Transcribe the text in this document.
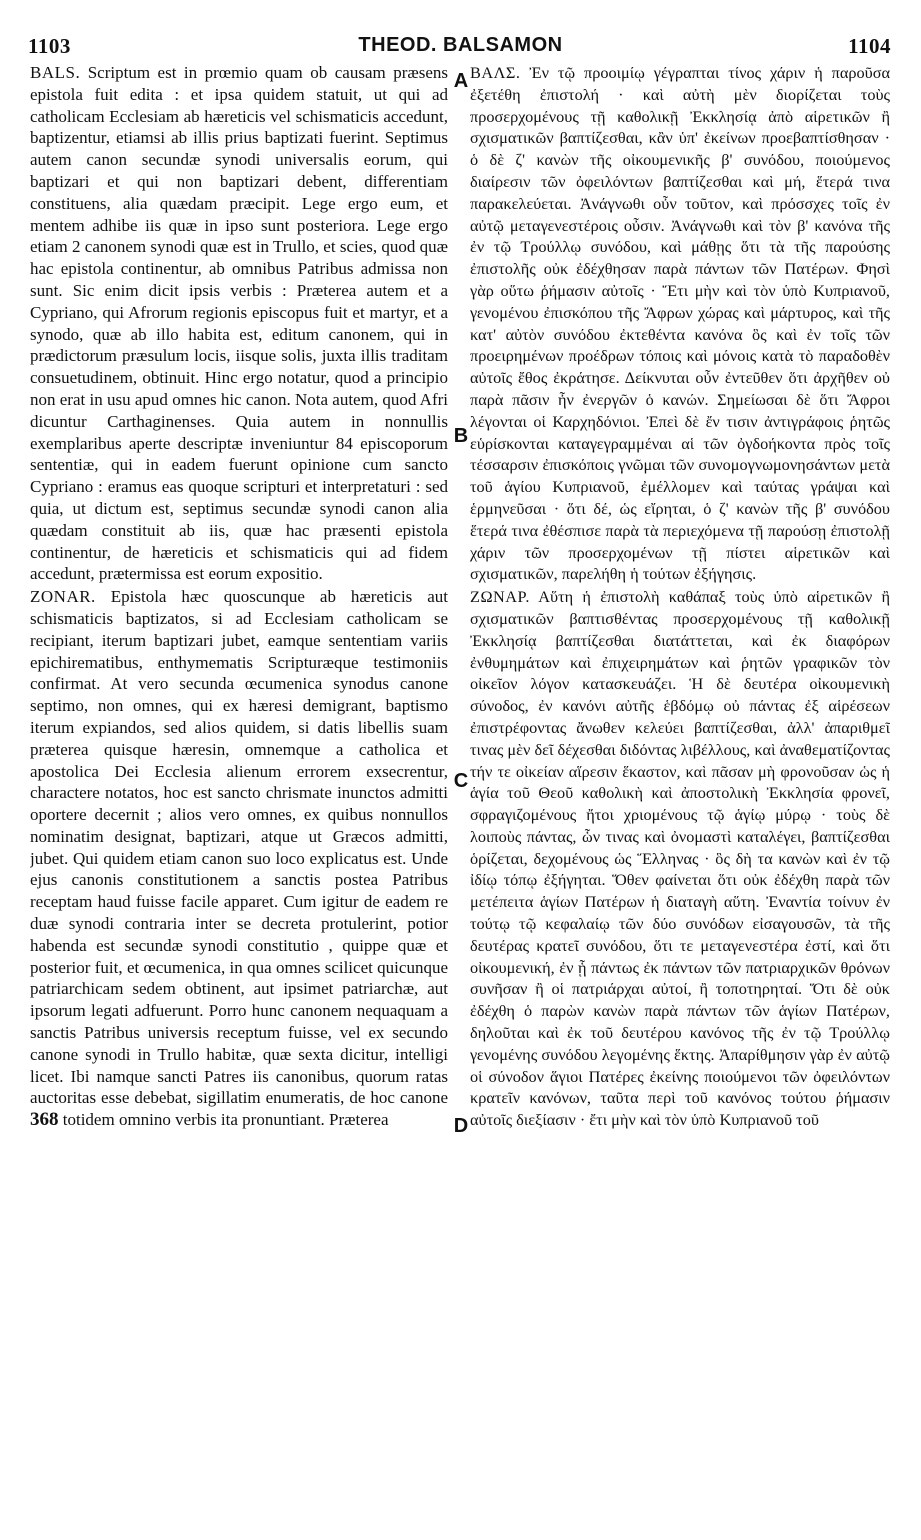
1103	THEOD. BALSAMON	1104

BALS. Scriptum est in prœmio quam ob causam præsens epistola fuit edita : et ipsa quidem statuit, ut qui ad catholicam Ecclesiam ab hæreticis vel schismaticis accedunt, baptizentur, etiamsi ab illis prius baptizati fuerint. Septimus autem canon secundæ synodi universalis eorum, qui baptizari et qui non baptizari debent, differentiam constituens, alia quædam præcipit. Lege ergo eum, et mentem adhibe iis quæ in ipso sunt posteriora. Lege ergo etiam 2 canonem synodi quæ est in Trullo, et scies, quod quæ hac epistola continentur, ab omnibus Patribus admissa non sunt. Sic enim dicit ipsis verbis : Præterea autem et a Cypriano, qui Afrorum regionis episcopus fuit et martyr, et a synodo, quæ ab illo habita est, editum canonem, qui in prædictorum præsulum locis, iisque solis, juxta illis traditam consuetudinem, obtinuit. Hinc ergo notatur, quod a principio non erat in usu apud omnes hic canon. Nota autem, quod Afri dicuntur Carthaginenses. Quia autem in nonnullis exemplaribus aperte descriptæ inveniuntur 84 episcoporum sententiæ, qui in eadem fuerunt opinione cum sancto Cypriano : eramus eas quoque scripturi et interpretaturi : sed quia, ut dictum est, septimus secundæ synodi canon alia quædam constituit ab iis, quæ hac præsenti epistola continentur, de hæreticis et schismaticis qui ad fidem accedunt, prætermissa est eorum expositio.

ZONAR. Epistola hæc quoscunque ab hæreticis aut schismaticis baptizatos, si ad Ecclesiam catholicam se recipiant, iterum baptizari jubet, eamque sententiam variis epichirematibus, enthymematis Scripturæque testimoniis confirmat. At vero secunda œcumenica synodus canone septimo, non omnes, qui ex hæresi demigrant, baptismo iterum expiandos, sed alios quidem, si datis libellis suam præterea quisque hæresin, omnemque a catholica et apostolica Dei Ecclesia alienum errorem exsecrentur, charactere notatos, hoc est sancto chrismate inunctos admitti oportere decernit ; alios vero omnes, ex quibus nonnullos nominatim designat, baptizari, atque ut Græcos admitti, jubet. Qui quidem etiam canon suo loco explicatus est. Unde ejus canonis constitutionem a sanctis postea Patribus receptam haud fuisse facile apparet. Cum igitur de eadem re duæ synodi contraria inter se decreta protulerint, potior habenda est secundæ synodi constitutio , quippe quæ et posterior fuit, et œcumenica, in qua omnes scilicet quicunque patriarchicam sedem obtinent, aut ipsimet patriarchæ, aut ipsorum legati adfuerunt. Porro hunc canonem nequaquam a sanctis Patribus universis receptum fuisse, vel ex secundo canone synodi in Trullo habitæ, quæ sexta dicitur, intelligi licet. Ibi namque sancti Patres iis canonibus, quorum ratas auctoritas esse debebat, sigillatim enumeratis, de hoc canone 368 totidem omnino verbis ita pronuntiant. Præterea

A
B
C
D

ΒΑΛΣ. Ἐν τῷ προοιμίῳ γέγραπται τίνος χάριν ἡ παροῦσα ἐξετέθη ἐπιστολή · καὶ αὐτὴ μὲν διορίζεται τοὺς προσερχομένους τῇ καθολικῇ Ἐκκλησίᾳ ἀπὸ αἱρετικῶν ἢ σχισματικῶν βαπτίζεσθαι, κἂν ὑπ' ἐκείνων προεβαπτίσθησαν · ὁ δὲ ζ' κανὼν τῆς οἰκουμενικῆς β' συνόδου, ποιούμενος διαίρεσιν τῶν ὀφειλόντων βαπτίζεσθαι καὶ μή, ἕτερά τινα παρακελεύεται. Ἀνάγνωθι οὖν τοῦτον, καὶ πρόσσχες τοῖς ἐν αὐτῷ μεταγενεστέροις οὖσιν. Ἀνάγνωθι καὶ τὸν β' κανόνα τῆς ἐν τῷ Τρούλλῳ συνόδου, καὶ μάθῃς ὅτι τὰ τῆς παρούσης ἐπιστολῆς οὐκ ἐδέχθησαν παρὰ πάντων τῶν Πατέρων. Φησὶ γὰρ οὕτω ῥήμασιν αὐτοῖς · Ἔτι μὴν καὶ τὸν ὑπὸ Κυπριανοῦ, γενομένου ἐπισκόπου τῆς Ἄφρων χώρας καὶ μάρτυρος, καὶ τῆς κατ' αὐτὸν συνόδου ἐκτεθέντα κανόνα ὃς καὶ ἐν τοῖς τῶν προειρημένων προέδρων τόποις καὶ μόνοις κατὰ τὸ παραδοθὲν αὐτοῖς ἔθος ἐκράτησε. Δείκνυται οὖν ἐντεῦθεν ὅτι ἀρχῆθεν οὐ παρὰ πᾶσιν ἦν ἐνεργῶν ὁ κανών. Σημείωσαι δὲ ὅτι Ἄφροι λέγονται οἱ Καρχηδόνιοι. Ἐπεὶ δὲ ἔν τισιν ἀντιγράφοις ῥητῶς εὑρίσκονται καταγεγραμμέναι αἱ τῶν ὀγδοήκοντα πρὸς τοῖς τέσσαρσιν ἐπισκόποις γνῶμαι τῶν συνομογνωμονησάντων μετὰ τοῦ ἁγίου Κυπριανοῦ, ἐμέλλομεν καὶ ταύτας γράψαι καὶ ἑρμηνεῦσαι · ὅτι δέ, ὡς εἴρηται, ὁ ζ' κανὼν τῆς β' συνόδου ἕτερά τινα ἐθέσπισε παρὰ τὰ περιεχόμενα τῇ παρούσῃ ἐπιστολῇ χάριν τῶν προσερχομένων τῇ πίστει αἱρετικῶν καὶ σχισματικῶν, παρελήθη ἡ τούτων ἐξήγησις.

ΖΩΝΑΡ. Αὕτη ἡ ἐπιστολὴ καθάπαξ τοὺς ὑπὸ αἱρετικῶν ἢ σχισματικῶν βαπτισθέντας προσερχομένους τῇ καθολικῇ Ἐκκλησίᾳ βαπτίζεσθαι διατάττεται, καὶ ἐκ διαφόρων ἐνθυμημάτων καὶ ἐπιχειρημάτων καὶ ῥητῶν γραφικῶν τὸν οἰκεῖον λόγον κατασκευάζει. Ἡ δὲ δευτέρα οἰκουμενικὴ σύνοδος, ἐν κανόνι αὐτῆς ἑβδόμῳ οὐ πάντας ἐξ αἱρέσεων ἐπιστρέφοντας ἄνωθεν κελεύει βαπτίζεσθαι, ἀλλ' ἀπαριθμεῖ τινας μὲν δεῖ δέχεσθαι διδόντας λιβέλλους, καὶ ἀναθεματίζοντας τήν τε οἰκείαν αἵρεσιν ἕκαστον, καὶ πᾶσαν μὴ φρονοῦσαν ὡς ἡ ἁγία τοῦ Θεοῦ καθολικὴ καὶ ἀποστολικὴ Ἐκκλησία φρονεῖ, σφραγιζομένους ἤτοι χριομένους τῷ ἁγίῳ μύρῳ · τοὺς δὲ λοιποὺς πάντας, ὧν τινας καὶ ὀνομαστὶ καταλέγει, βαπτίζεσθαι ὁρίζεται, δεχομένους ὡς Ἕλληνας · ὃς δὴ τα κανὼν καὶ ἐν τῷ ἰδίῳ τόπῳ ἐξήγηται. Ὅθεν φαίνεται ὅτι οὐκ ἐδέχθη παρὰ τῶν μετέπειτα ἁγίων Πατέρων ἡ διαταγὴ αὕτη. Ἐναντία τοίνυν ἐν τούτῳ τῷ κεφαλαίῳ τῶν δύο συνόδων εἰσαγουσῶν, τὰ τῆς δευτέρας κρατεῖ συνόδου, ὅτι τε μεταγενεστέρα ἐστί, καὶ ὅτι οἰκουμενική, ἐν ᾗ πάντως ἐκ πάντων τῶν πατριαρχικῶν θρόνων συνῆσαν ἢ οἱ πατριάρχαι αὐτοί, ἢ τοποτηρηταί. Ὅτι δὲ οὐκ ἐδέχθη ὁ παρὼν κανὼν παρὰ πάντων τῶν ἁγίων Πατέρων, δηλοῦται καὶ ἐκ τοῦ δευτέρου κανόνος τῆς ἐν τῷ Τρούλλῳ γενομένης συνόδου λεγομένης ἕκτης. Ἀπαρίθμησιν γὰρ ἐν αὐτῷ οἱ σύνοδον ἅγιοι Πατέρες ἐκείνης ποιούμενοι τῶν ὀφειλόντων κρατεῖν κανόνων, ταῦτα περὶ τοῦ κανόνος τούτου ῥήμασιν αὐτοῖς διεξίασιν · ἔτι μὴν καὶ τὸν ὑπὸ Κυπριανοῦ τοῦ
